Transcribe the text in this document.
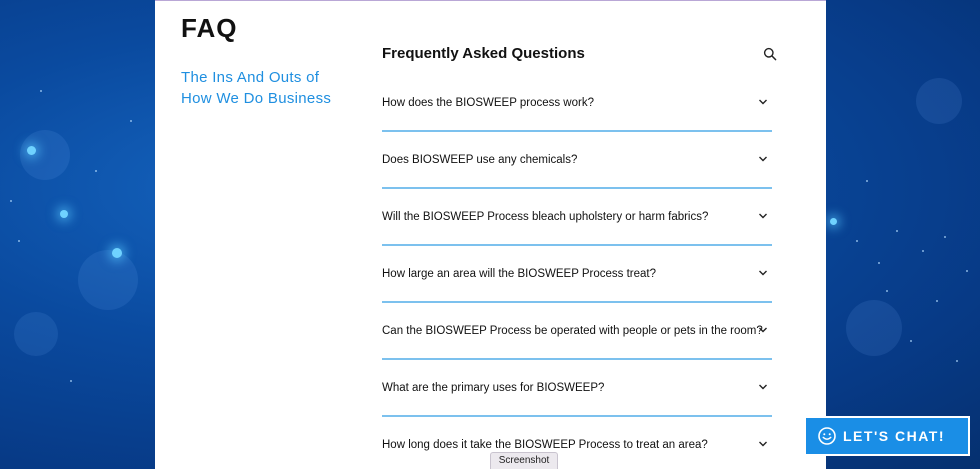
FAQ
The Ins And Outs of How We Do Business
Frequently Asked Questions
How does the BIOSWEEP process work?
Does BIOSWEEP use any chemicals?
Will the BIOSWEEP Process bleach upholstery or harm fabrics?
How large an area will the BIOSWEEP Process treat?
Can the BIOSWEEP Process be operated with people or pets in the room?
What are the primary uses for BIOSWEEP?
How long does it take the BIOSWEEP Process to treat an area?
Screenshot
LET'S CHAT!
